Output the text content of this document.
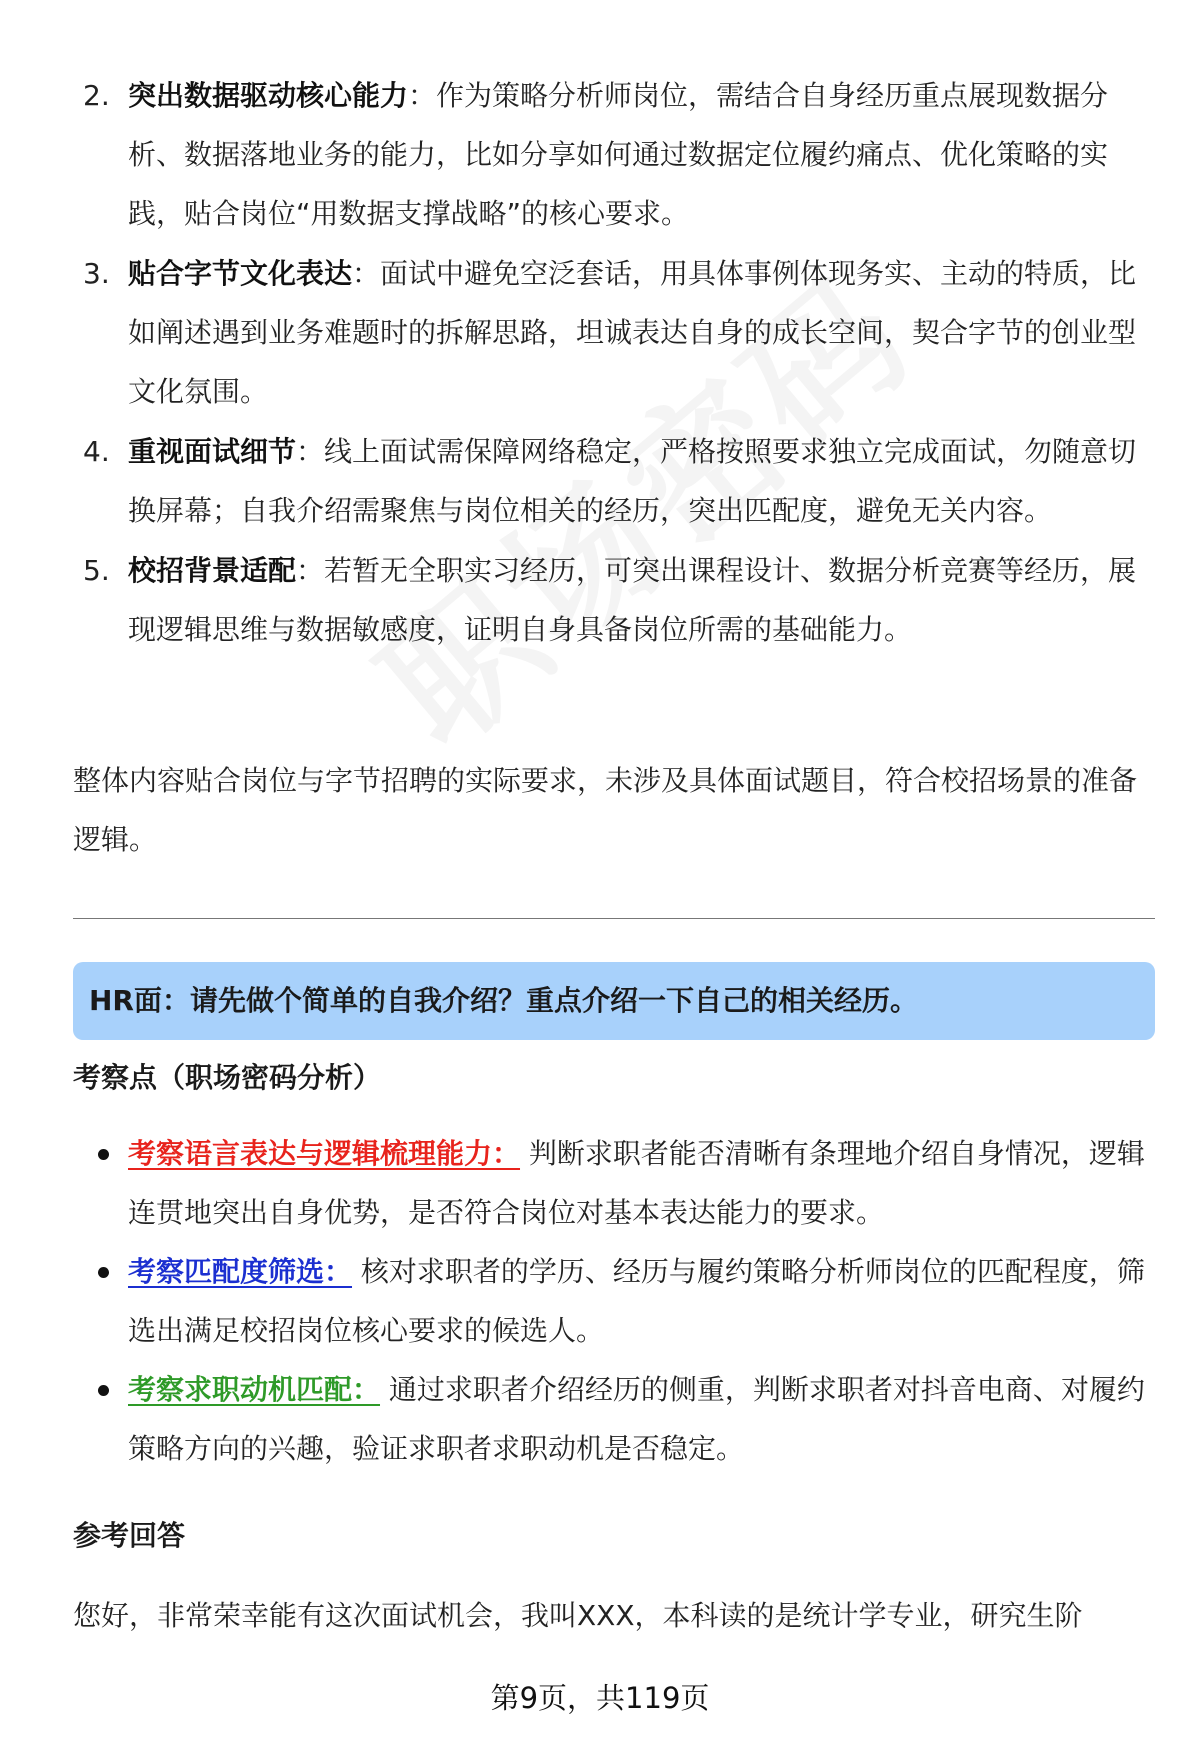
2. 突出数据驱动核心能力：作为策略分析师岗位，需结合自身经历重点展现数据分析、数据落地业务的能力，比如分享如何通过数据定位履约痛点、优化策略的实践，贴合岗位“用数据支撑战略”的核心要求。
3. 贴合字节文化表达：面试中避免空泛套话，用具体事例体现务实、主动的特质，比如阐述遇到业务难题时的拆解思路，坦诚表达自身的成长空间，契合字节的创业型文化氛围。
4. 重视面试细节：线上面试需保障网络稳定，严格按照要求独立完成面试，勿随意切换屏幕；自我介绍需聚焦与岗位相关的经历，突出匹配度，避免无关内容。
5. 校招背景适配：若暂无全职实习经历，可突出课程设计、数据分析竞赛等经历，展现逻辑思维与数据敏感度，证明自身具备岗位所需的基础能力。

整体内容贴合岗位与字节招聘的实际要求，未涉及具体面试题目，符合校招场景的准备逻辑。

HR面：请先做个简单的自我介绍？重点介绍一下自己的相关经历。
考察点（职场密码分析）
考察语言表达与逻辑梳理能力： 判断求职者能否清晰有条理地介绍自身情况，逻辑连贯地突出自身优势，是否符合岗位对基本表达能力的要求。
考察匹配度筛选： 核对求职者的学历、经历与履约策略分析师岗位的匹配程度，筛选出满足校招岗位核心要求的候选人。
考察求职动机匹配： 通过求职者介绍经历的侧重，判断求职者对抖音电商、对履约策略方向的兴趣，验证求职者求职动机是否稳定。
参考回答

您好，非常荣幸能有这次面试机会，我叫XXX，本科读的是统计学专业，研究生阶

第9页，共119页
